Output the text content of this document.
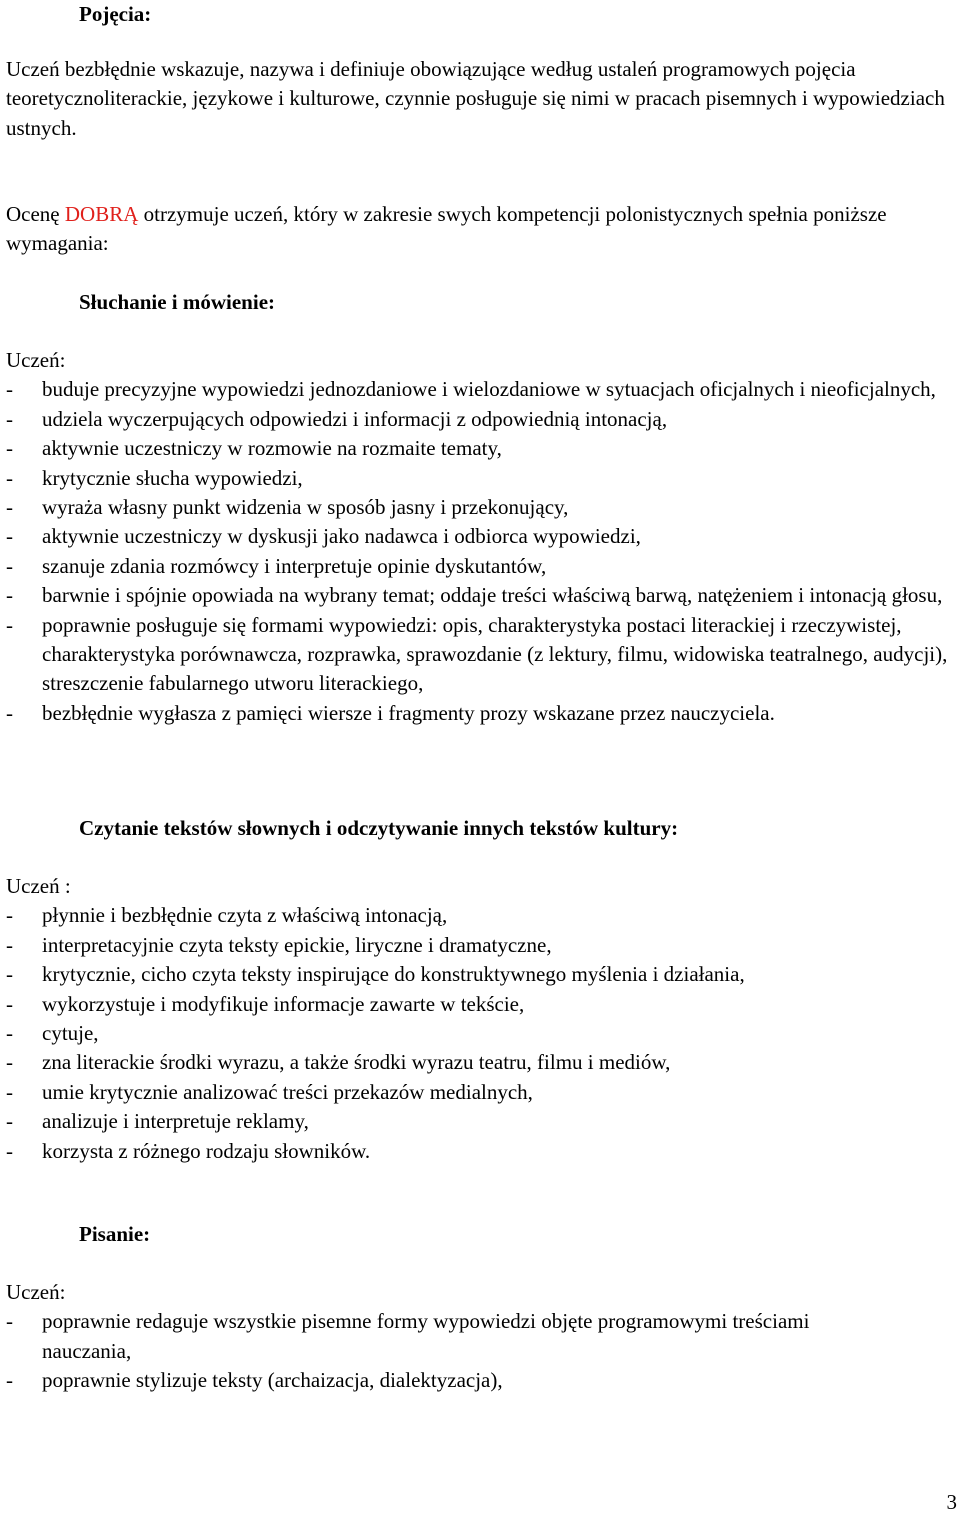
Pojęcia:

Uczeń bezbłędnie wskazuje, nazywa i definiuje obowiązujące według ustaleń programowych pojęcia teoretycznoliterackie, językowe i kulturowe, czynnie posługuje się nimi w pracach pisemnych i wypowiedziach ustnych.

Ocenę DOBRĄ otrzymuje uczeń, który w zakresie swych kompetencji polonistycznych spełnia poniższe wymagania:

Słuchanie i mówienie:

Uczeń:

- buduje precyzyjne wypowiedzi jednozdaniowe i wielozdaniowe w sytuacjach oficjalnych i nieoficjalnych,
- udziela wyczerpujących odpowiedzi i informacji z odpowiednią intonacją,
- aktywnie uczestniczy w rozmowie na rozmaite tematy,
- krytycznie słucha wypowiedzi,
- wyraża własny punkt widzenia w sposób jasny i przekonujący,
- aktywnie uczestniczy w dyskusji jako nadawca i odbiorca wypowiedzi,
- szanuje zdania rozmówcy i interpretuje opinie dyskutantów,
- barwnie i spójnie opowiada na wybrany temat; oddaje treści właściwą barwą, natężeniem i intonacją głosu,
- poprawnie posługuje się formami wypowiedzi: opis, charakterystyka postaci literackiej i rzeczywistej, charakterystyka porównawcza, rozprawka, sprawozdanie (z lektury, filmu, widowiska teatralnego, audycji), streszczenie fabularnego utworu literackiego,
- bezbłędnie wygłasza z pamięci wiersze i fragmenty prozy wskazane przez nauczyciela.

Czytanie tekstów słownych i odczytywanie innych tekstów kultury:

Uczeń :

- płynnie i bezbłędnie czyta z właściwą intonacją,
- interpretacyjnie czyta teksty epickie, liryczne i dramatyczne,
- krytycznie, cicho czyta teksty inspirujące do konstruktywnego myślenia i działania,
- wykorzystuje i modyfikuje informacje zawarte w tekście,
- cytuje,
- zna literackie środki wyrazu, a także środki wyrazu teatru, filmu i mediów,
- umie krytycznie analizować treści przekazów medialnych,
- analizuje i interpretuje reklamy,
- korzysta z różnego rodzaju słowników.

Pisanie:

Uczeń:

- poprawnie redaguje wszystkie pisemne formy wypowiedzi objęte programowymi treściami nauczania,
- poprawnie stylizuje teksty (archaizacja, dialektyzacja),
3
